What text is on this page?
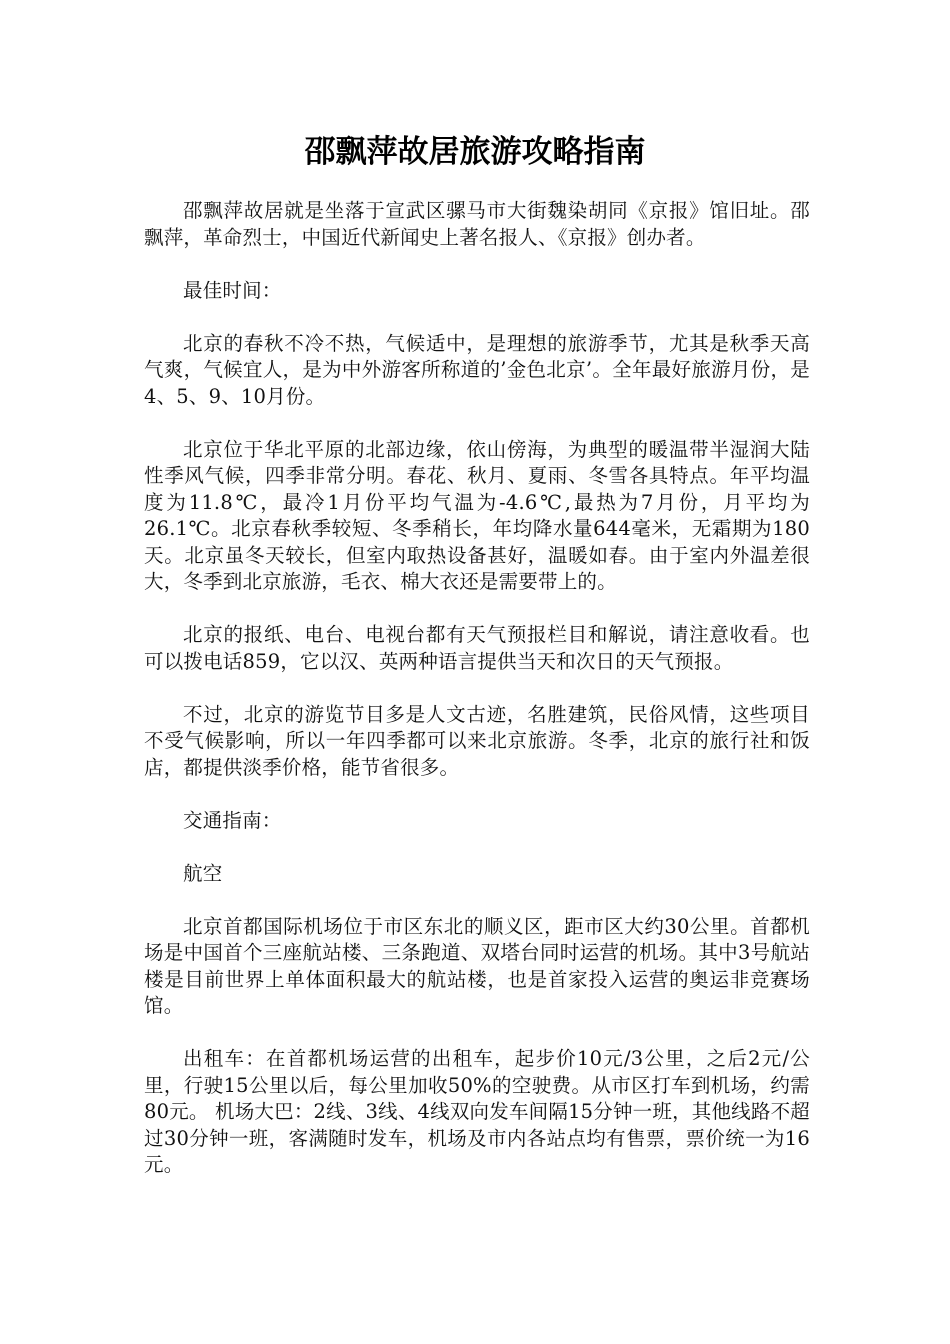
邵飘萍故居旅游攻略指南

邵飘萍故居就是坐落于宣武区骡马市大街魏染胡同《京报》馆旧址。邵飘萍，革命烈士，中国近代新闻史上著名报人、《京报》创办者。

最佳时间：

北京的春秋不冷不热，气候适中，是理想的旅游季节，尤其是秋季天高气爽，气候宜人，是为中外游客所称道的’金色北京’。全年最好旅游月份，是4、5、9、10月份。

北京位于华北平原的北部边缘，依山傍海，为典型的暖温带半湿润大陆性季风气候，四季非常分明。春花、秋月、夏雨、冬雪各具特点。年平均温度为11.8℃，最冷1月份平均气温为-4.6℃,最热为7月份，月平均为26.1℃。北京春秋季较短、冬季稍长，年均降水量644毫米，无霜期为180天。北京虽冬天较长，但室内取热设备甚好，温暖如春。由于室内外温差很大，冬季到北京旅游，毛衣、棉大衣还是需要带上的。

北京的报纸、电台、电视台都有天气预报栏目和解说，请注意收看。也可以拨电话859，它以汉、英两种语言提供当天和次日的天气预报。

不过，北京的游览节目多是人文古迹，名胜建筑，民俗风情，这些项目不受气候影响，所以一年四季都可以来北京旅游。冬季，北京的旅行社和饭店，都提供淡季价格，能节省很多。

交通指南：

航空

北京首都国际机场位于市区东北的顺义区，距市区大约30公里。首都机场是中国首个三座航站楼、三条跑道、双塔台同时运营的机场。其中3号航站楼是目前世界上单体面积最大的航站楼，也是首家投入运营的奥运非竞赛场馆。

出租车：在首都机场运营的出租车，起步价10元/3公里，之后2元/公里，行驶15公里以后，每公里加收50%的空驶费。从市区打车到机场，约需80元。 机场大巴：2线、3线、4线双向发车间隔15分钟一班，其他线路不超过30分钟一班，客满随时发车，机场及市内各站点均有售票，票价统一为16元。
